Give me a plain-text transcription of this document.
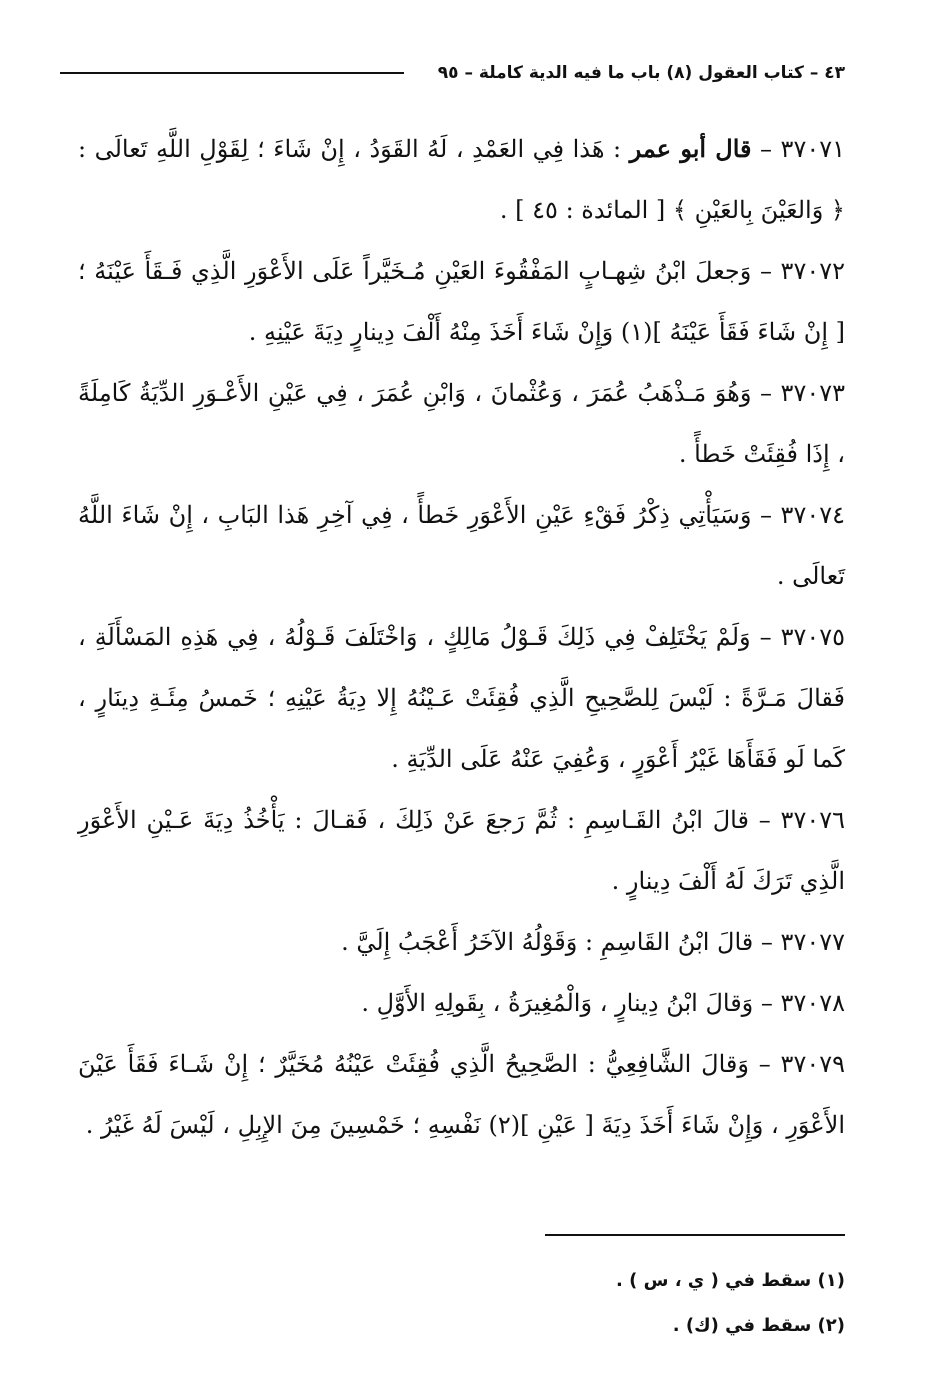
٤٣ – كتاب العقول (٨) باب ما فيه الدية كاملة – ٩٥

٣٧٠٧١ – قال أبو عمر : هَذا فِي العَمْدِ ، لَهُ القَوَدُ ، إِنْ شَاءَ ؛ لِقَوْلِ اللَّهِ تَعالَى : ﴿ وَالعَيْنَ بِالعَيْنِ ﴾ [ المائدة : ٤٥ ] .

٣٧٠٧٢ – وَجعلَ ابْنُ شِهـابٍ المَفْقُوءَ العَيْنِ مُـخَيَّراً عَلَى الأَعْوَرِ الَّذِي فَـقَأَ عَيْنَهُ ؛ [ إِنْ شَاءَ فَقَأَ عَيْنَهُ ](١) وَإِنْ شَاءَ أَخَذَ مِنْهُ أَلْفَ دِينارٍ دِيَةَ عَيْنِهِ .

٣٧٠٧٣ – وَهُوَ مَـذْهَبُ عُمَرَ ، وَعُثْمانَ ، وَابْنِ عُمَرَ ، فِي عَيْنِ الأَعْـوَرِ الدِّيَةُ كَامِلَةً ، إِذَا فُقِئَتْ خَطأً .

٣٧٠٧٤ – وَسَيَأْتِي ذِكْرُ فَقْءِ عَيْنِ الأَعْوَرِ خَطأً ، فِي آخِرِ هَذا البَابِ ، إِنْ شَاءَ اللَّهُ تَعالَى .

٣٧٠٧٥ – وَلَمْ يَخْتَلِفْ فِي ذَلِكَ قَـوْلُ مَالِكٍ ، وَاخْتَلَفَ قَـوْلُهُ ، فِي هَذِهِ المَسْأَلَةِ ، فَقالَ مَـرَّةً : لَيْسَ لِلصَّحِيحِ الَّذِي فُقِئَتْ عَـيْنُهُ إِلا دِيَةُ عَيْنِهِ ؛ خَمسُ مِئَـةِ دِينَارٍ ، كَما لَو فَقَأَهَا غَيْرُ أَعْوَرٍ ، وَعُفِيَ عَنْهُ عَلَى الدِّيَةِ .

٣٧٠٧٦ – قالَ ابْنُ القَـاسِمِ : ثُمَّ رَجعَ عَنْ ذَلِكَ ، فَقـالَ : يَأْخُذُ دِيَةَ عَـيْنِ الأَعْوَرِ الَّذِي تَرَكَ لَهُ أَلْفَ دِينارٍ .

٣٧٠٧٧ – قالَ ابْنُ القَاسِمِ : وَقَوْلُهُ الآخَرُ أَعْجَبُ إِلَيَّ .

٣٧٠٧٨ – وَقالَ ابْنُ دِينارٍ ، وَالْمُغِيرَةُ ، بِقَولِهِ الأَوَّلِ .

٣٧٠٧٩ – وَقالَ الشَّافِعِيُّ : الصَّحِيحُ الَّذِي فُقِئَتْ عَيْنُهُ مُخَيَّرٌ ؛ إِنْ شَـاءَ فَقَأَ عَيْنَ الأَعْوَرِ ، وَإِنْ شَاءَ أَخَذَ دِيَةَ [ عَيْنِ ](٢) نَفْسِهِ ؛ خَمْسِينَ مِنَ الإِبِلِ ، لَيْسَ لَهُ غَيْرُ .

(١) سقط في ( ي ، س ) .

(٢) سقط في (ك) .
